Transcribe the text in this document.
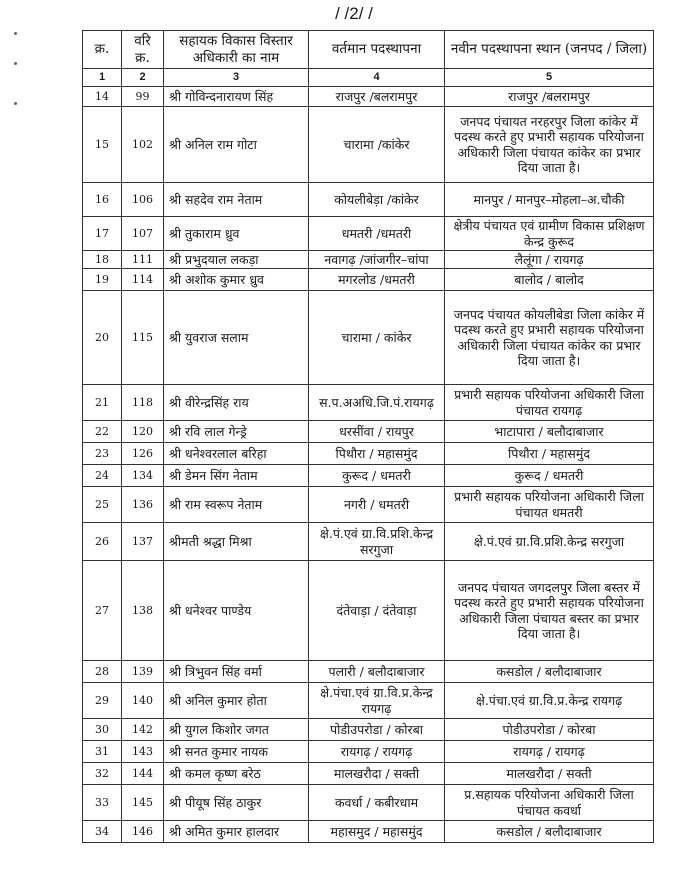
/ /2/ /
क्र.	वरि क्र.	सहायक विकास विस्तार अधिकारी का नाम	वर्तमान पदस्थापना	नवीन पदस्थापना स्थान (जनपद / जिला)
1	2	3	4	5
14	99	श्री गोविन्दनारायण सिंह	राजपुर /बलरामपुर	राजपुर /बलरामपुर
15	102	श्री अनिल राम गोटा	चारामा /कांकेर	जनपद पंचायत नरहरपुर जिला कांकेर में पदस्थ करते हुए प्रभारी सहायक परियोजना अधिकारी जिला पंचायत कांकेर का प्रभार दिया जाता है।
16	106	श्री सहदेव राम नेताम	कोयलीबेड़ा /कांकेर	मानपुर / मानपुर–मोहला–अ.चौकी
17	107	श्री तुकाराम ध्रुव	धमतरी /धमतरी	क्षेत्रीय पंचायत एवं ग्रामीण विकास प्रशिक्षण केन्द्र कुरूद
18	111	श्री प्रभुदयाल लकड़ा	नवागढ़ /जांजगीर–चांपा	लैलूंगा / रायगढ़
19	114	श्री अशोक कुमार ध्रुव	मगरलोड /धमतरी	बालोद / बालोद
20	115	श्री युवराज सलाम	चारामा / कांकेर	जनपद पंचायत कोयलीबेडा जिला कांकेर में पदस्थ करते हुए प्रभारी सहायक परियोजना अधिकारी जिला पंचायत कांकेर का प्रभार दिया जाता है।
21	118	श्री वीरेन्द्रसिंह राय	स.प.अअधि.जि.पं.रायगढ़	प्रभारी सहायक परियोजना अधिकारी जिला पंचायत रायगढ़
22	120	श्री रवि लाल गेन्ड्रे	धरसींवा / रायपुर	भाटापारा / बलौदाबाजार
23	126	श्री धनेश्वरलाल बरिहा	पिथौरा / महासमुंद	पिथौरा / महासमुंद
24	134	श्री डेमन सिंग नेताम	कुरूद / धमतरी	कुरूद / धमतरी
25	136	श्री राम स्वरूप नेताम	नगरी / धमतरी	प्रभारी सहायक परियोजना अधिकारी जिला पंचायत धमतरी
26	137	श्रीमती श्रद्धा मिश्रा	क्षे.पं.एवं ग्रा.वि.प्रशि.केन्द्र सरगुजा	क्षे.पं.एवं ग्रा.वि.प्रशि.केन्द्र सरगुजा
27	138	श्री धनेश्वर पाण्डेय	दंतेवाड़ा / दंतेवाड़ा	जनपद पंचायत जगदलपुर जिला बस्तर में पदस्थ करते हुए प्रभारी सहायक परियोजना अधिकारी जिला पंचायत बस्तर का प्रभार दिया जाता है।
28	139	श्री त्रिभुवन सिंह वर्मा	पलारी / बलौदाबाजार	कसडोल / बलौदाबाजार
29	140	श्री अनिल कुमार होता	क्षे.पंचा.एवं ग्रा.वि.प्र.केन्द्र रायगढ़	क्षे.पंचा.एवं ग्रा.वि.प्र.केन्द्र रायगढ़
30	142	श्री युगल किशोर जगत	पोडीउपरोडा / कोरबा	पोडीउपरोडा / कोरबा
31	143	श्री सनत कुमार नायक	रायगढ़ / रायगढ़	रायगढ़ / रायगढ़
32	144	श्री कमल कृष्ण बरेठ	मालखरौदा / सक्ती	मालखरौदा / सक्ती
33	145	श्री पीयूष सिंह ठाकुर	कवर्धा / कबीरधाम	प्र.सहायक परियोजना अधिकारी जिला पंचायत कवर्धा
34	146	श्री अमित कुमार हालदार	महासमुद / महासमुंद	कसडोल / बलौदाबाजार
